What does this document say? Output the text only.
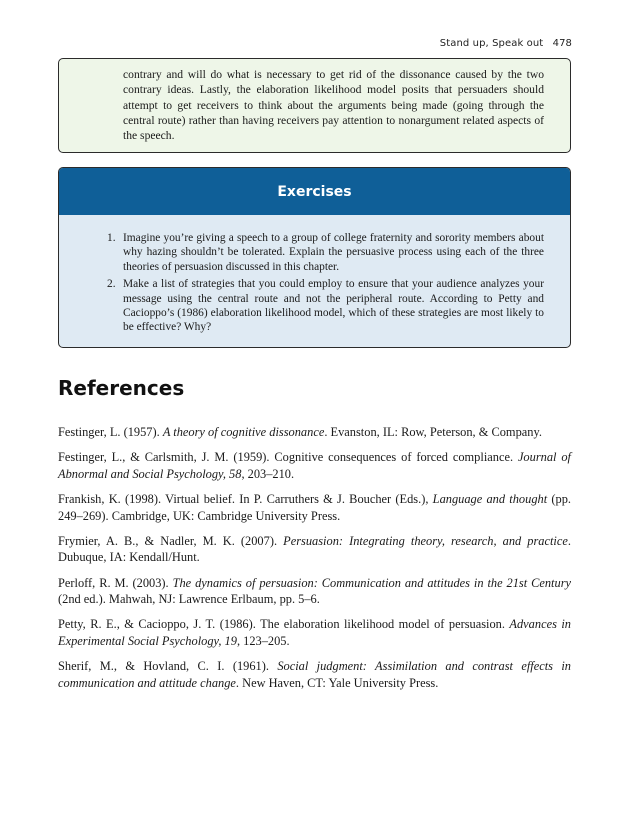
Stand up, Speak out 478

contrary and will do what is necessary to get rid of the dissonance caused by the two contrary ideas. Lastly, the elaboration likelihood model posits that persuaders should attempt to get receivers to think about the arguments being made (going through the central route) rather than having receivers pay attention to nonargument related aspects of the speech.

Exercises
1. Imagine you’re giving a speech to a group of college fraternity and sorority members about why hazing shouldn’t be tolerated. Explain the persuasive process using each of the three theories of persuasion discussed in this chapter.
2. Make a list of strategies that you could employ to ensure that your audience analyzes your message using the central route and not the peripheral route. According to Petty and Cacioppo’s (1986) elaboration likelihood model, which of these strategies are most likely to be effective? Why?
References
Festinger, L. (1957). A theory of cognitive dissonance. Evanston, IL: Row, Peterson, & Company.
Festinger, L., & Carlsmith, J. M. (1959). Cognitive consequences of forced compliance. Journal of Abnormal and Social Psychology, 58, 203–210.
Frankish, K. (1998). Virtual belief. In P. Carruthers & J. Boucher (Eds.), Language and thought (pp. 249–269). Cambridge, UK: Cambridge University Press.
Frymier, A. B., & Nadler, M. K. (2007). Persuasion: Integrating theory, research, and practice. Dubuque, IA: Kendall/Hunt.
Perloff, R. M. (2003). The dynamics of persuasion: Communication and attitudes in the 21st Century (2nd ed.). Mahwah, NJ: Lawrence Erlbaum, pp. 5–6.
Petty, R. E., & Cacioppo, J. T. (1986). The elaboration likelihood model of persuasion. Advances in Experimental Social Psychology, 19, 123–205.
Sherif, M., & Hovland, C. I. (1961). Social judgment: Assimilation and contrast effects in communication and attitude change. New Haven, CT: Yale University Press.
